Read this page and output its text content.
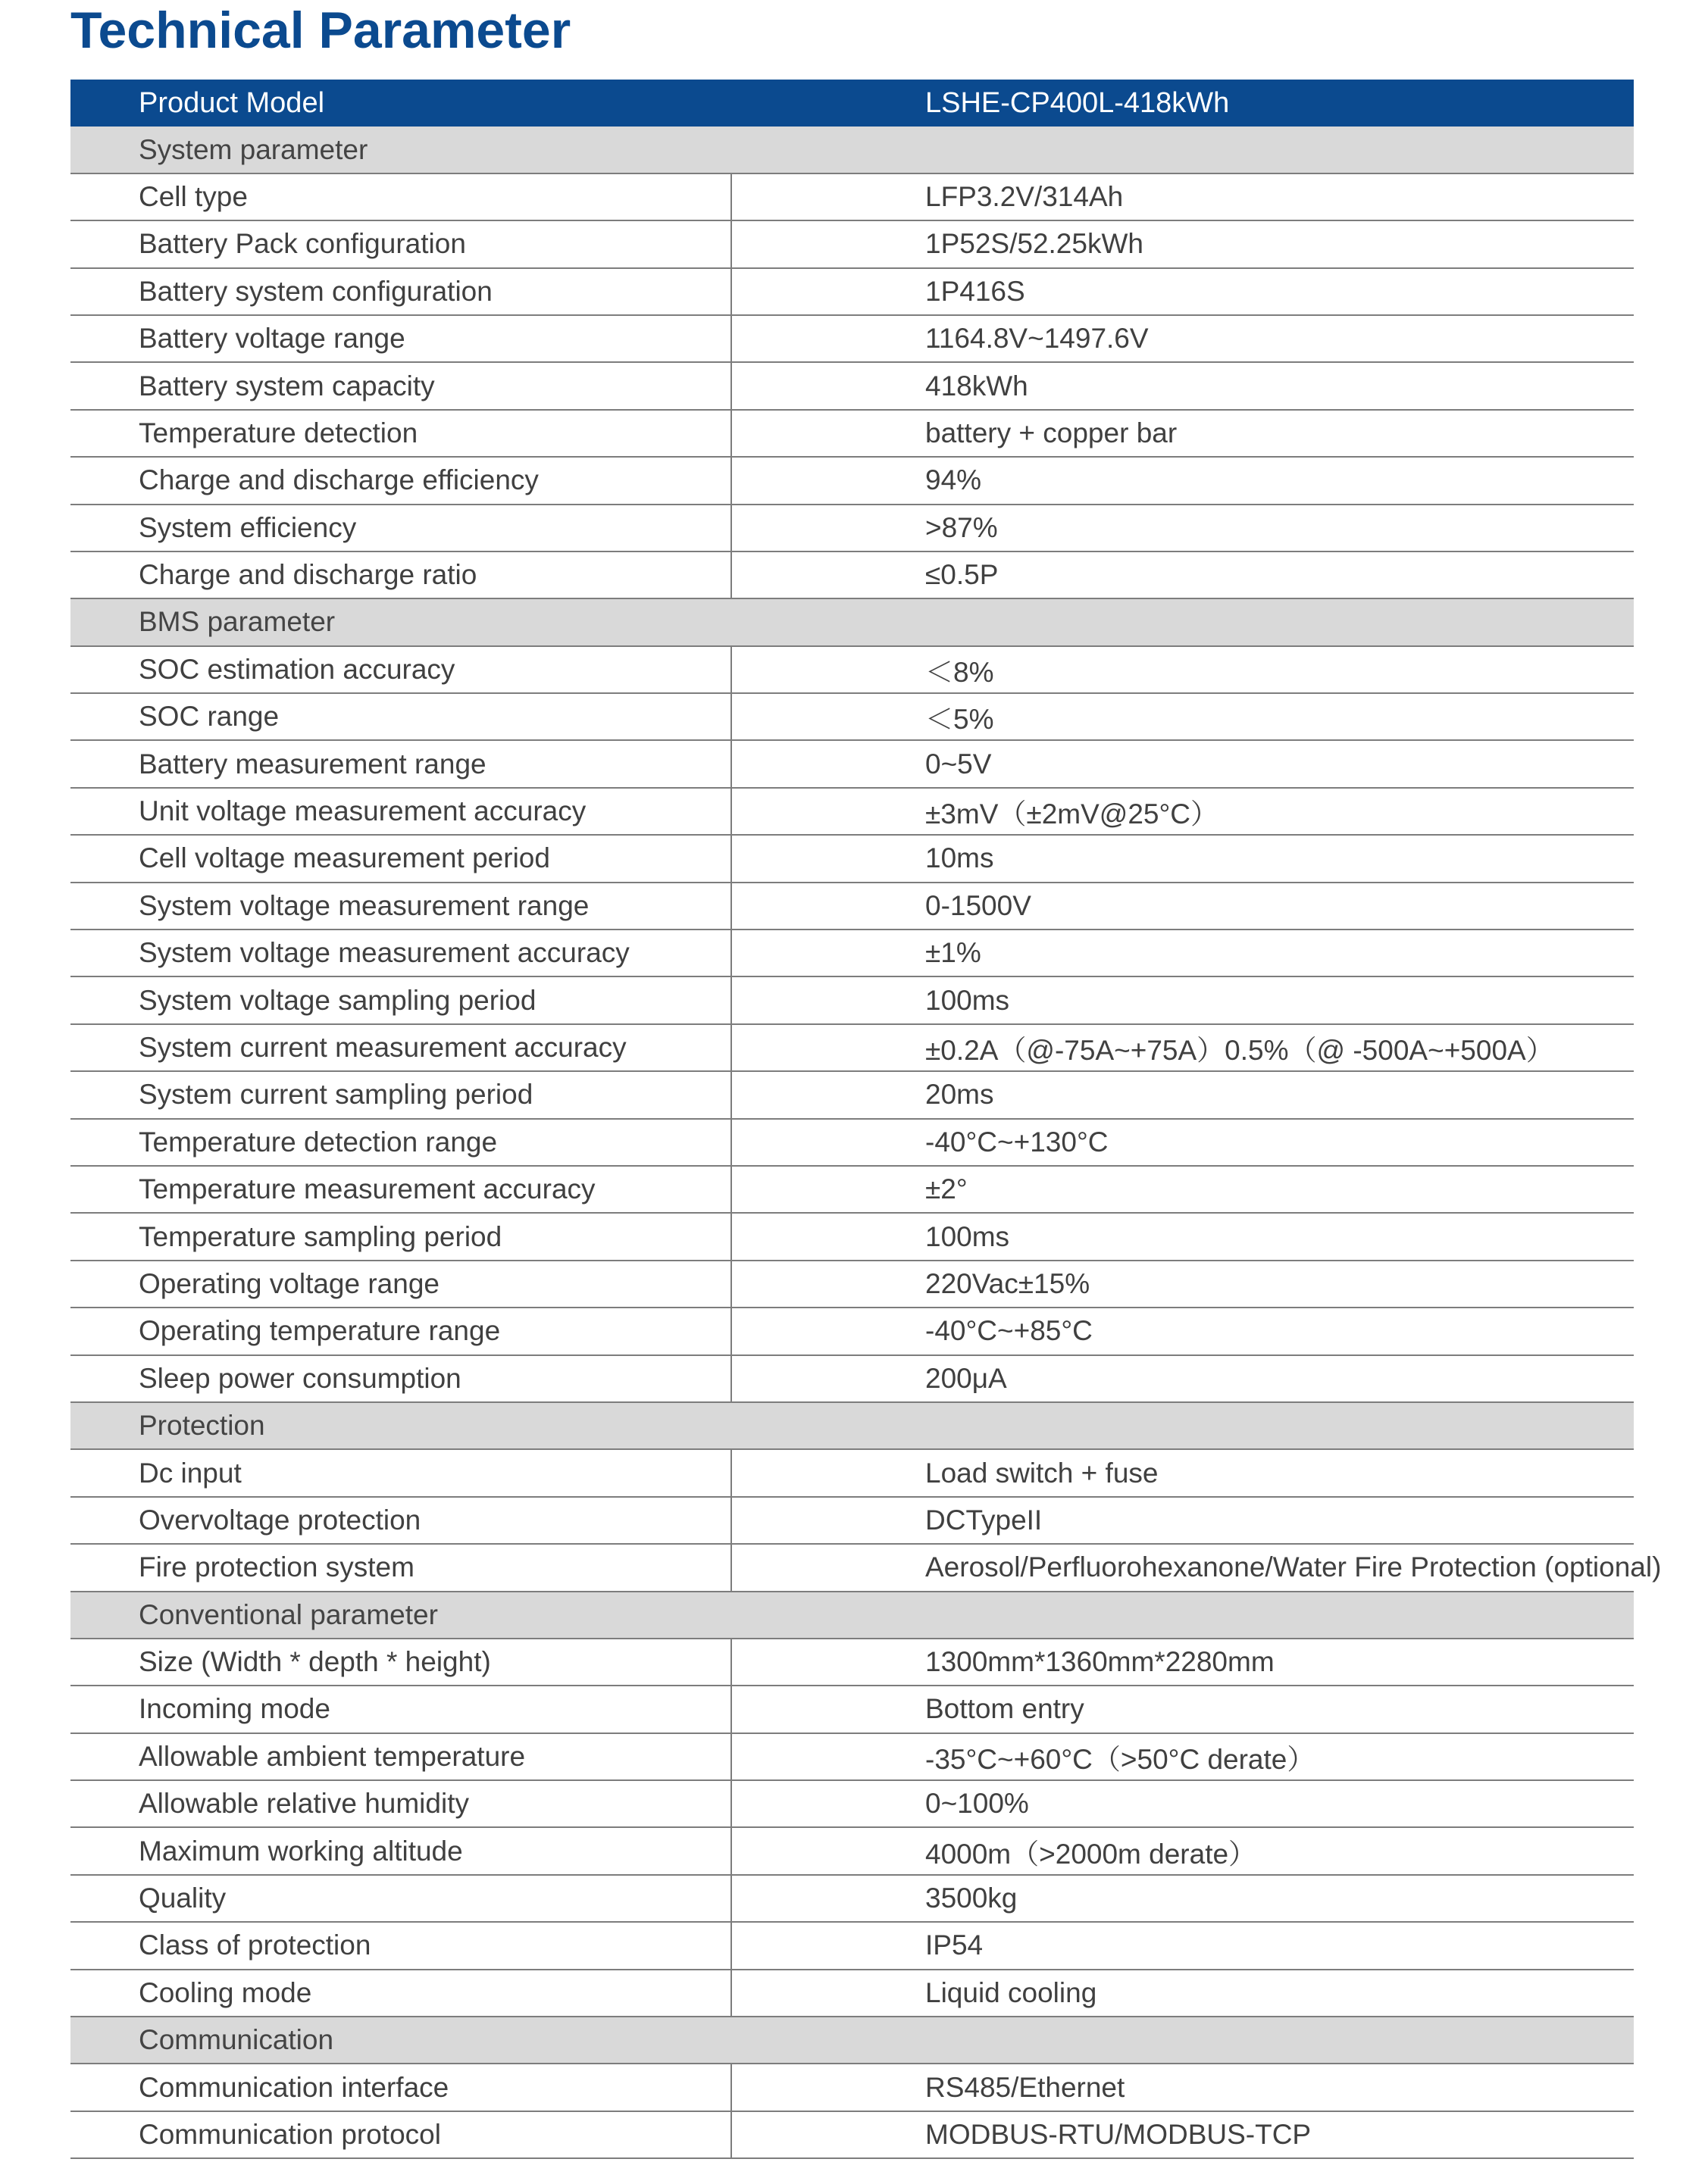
Technical Parameter
Product Model	LSHE-CP400L-418kWh
System parameter
Cell type	LFP3.2V/314Ah
Battery Pack configuration	1P52S/52.25kWh
Battery system configuration	1P416S
Battery voltage range	1164.8V~1497.6V
Battery system capacity	418kWh
Temperature detection	battery + copper bar
Charge and discharge efficiency	94%
System efficiency	>87%
Charge and discharge ratio	≤0.5P
BMS parameter
SOC estimation accuracy	＜8%
SOC range	＜5%
Battery measurement range	0~5V
Unit voltage measurement accuracy	±3mV（±2mV@25°C）
Cell voltage measurement period	10ms
System voltage measurement range	0-1500V
System voltage measurement accuracy	±1%
System voltage sampling period	100ms
System current measurement accuracy	±0.2A（@-75A~+75A）0.5%（@ -500A~+500A）
System current sampling period	20ms
Temperature detection range	-40°C~+130°C
Temperature measurement accuracy	±2°
Temperature sampling period	100ms
Operating voltage range	220Vac±15%
Operating temperature range	-40°C~+85°C
Sleep power consumption	200μA
Protection
Dc input	Load switch + fuse
Overvoltage protection	DCTypeII
Fire protection system	Aerosol/Perfluorohexanone/Water Fire Protection (optional)
Conventional parameter
Size (Width * depth * height)	1300mm*1360mm*2280mm
Incoming mode	Bottom entry
Allowable ambient temperature	-35°C~+60°C（>50°C derate）
Allowable relative humidity	0~100%
Maximum working altitude	4000m（>2000m derate）
Quality	3500kg
Class of protection	IP54
Cooling mode	Liquid cooling
Communication
Communication interface	RS485/Ethernet
Communication protocol	MODBUS-RTU/MODBUS-TCP
